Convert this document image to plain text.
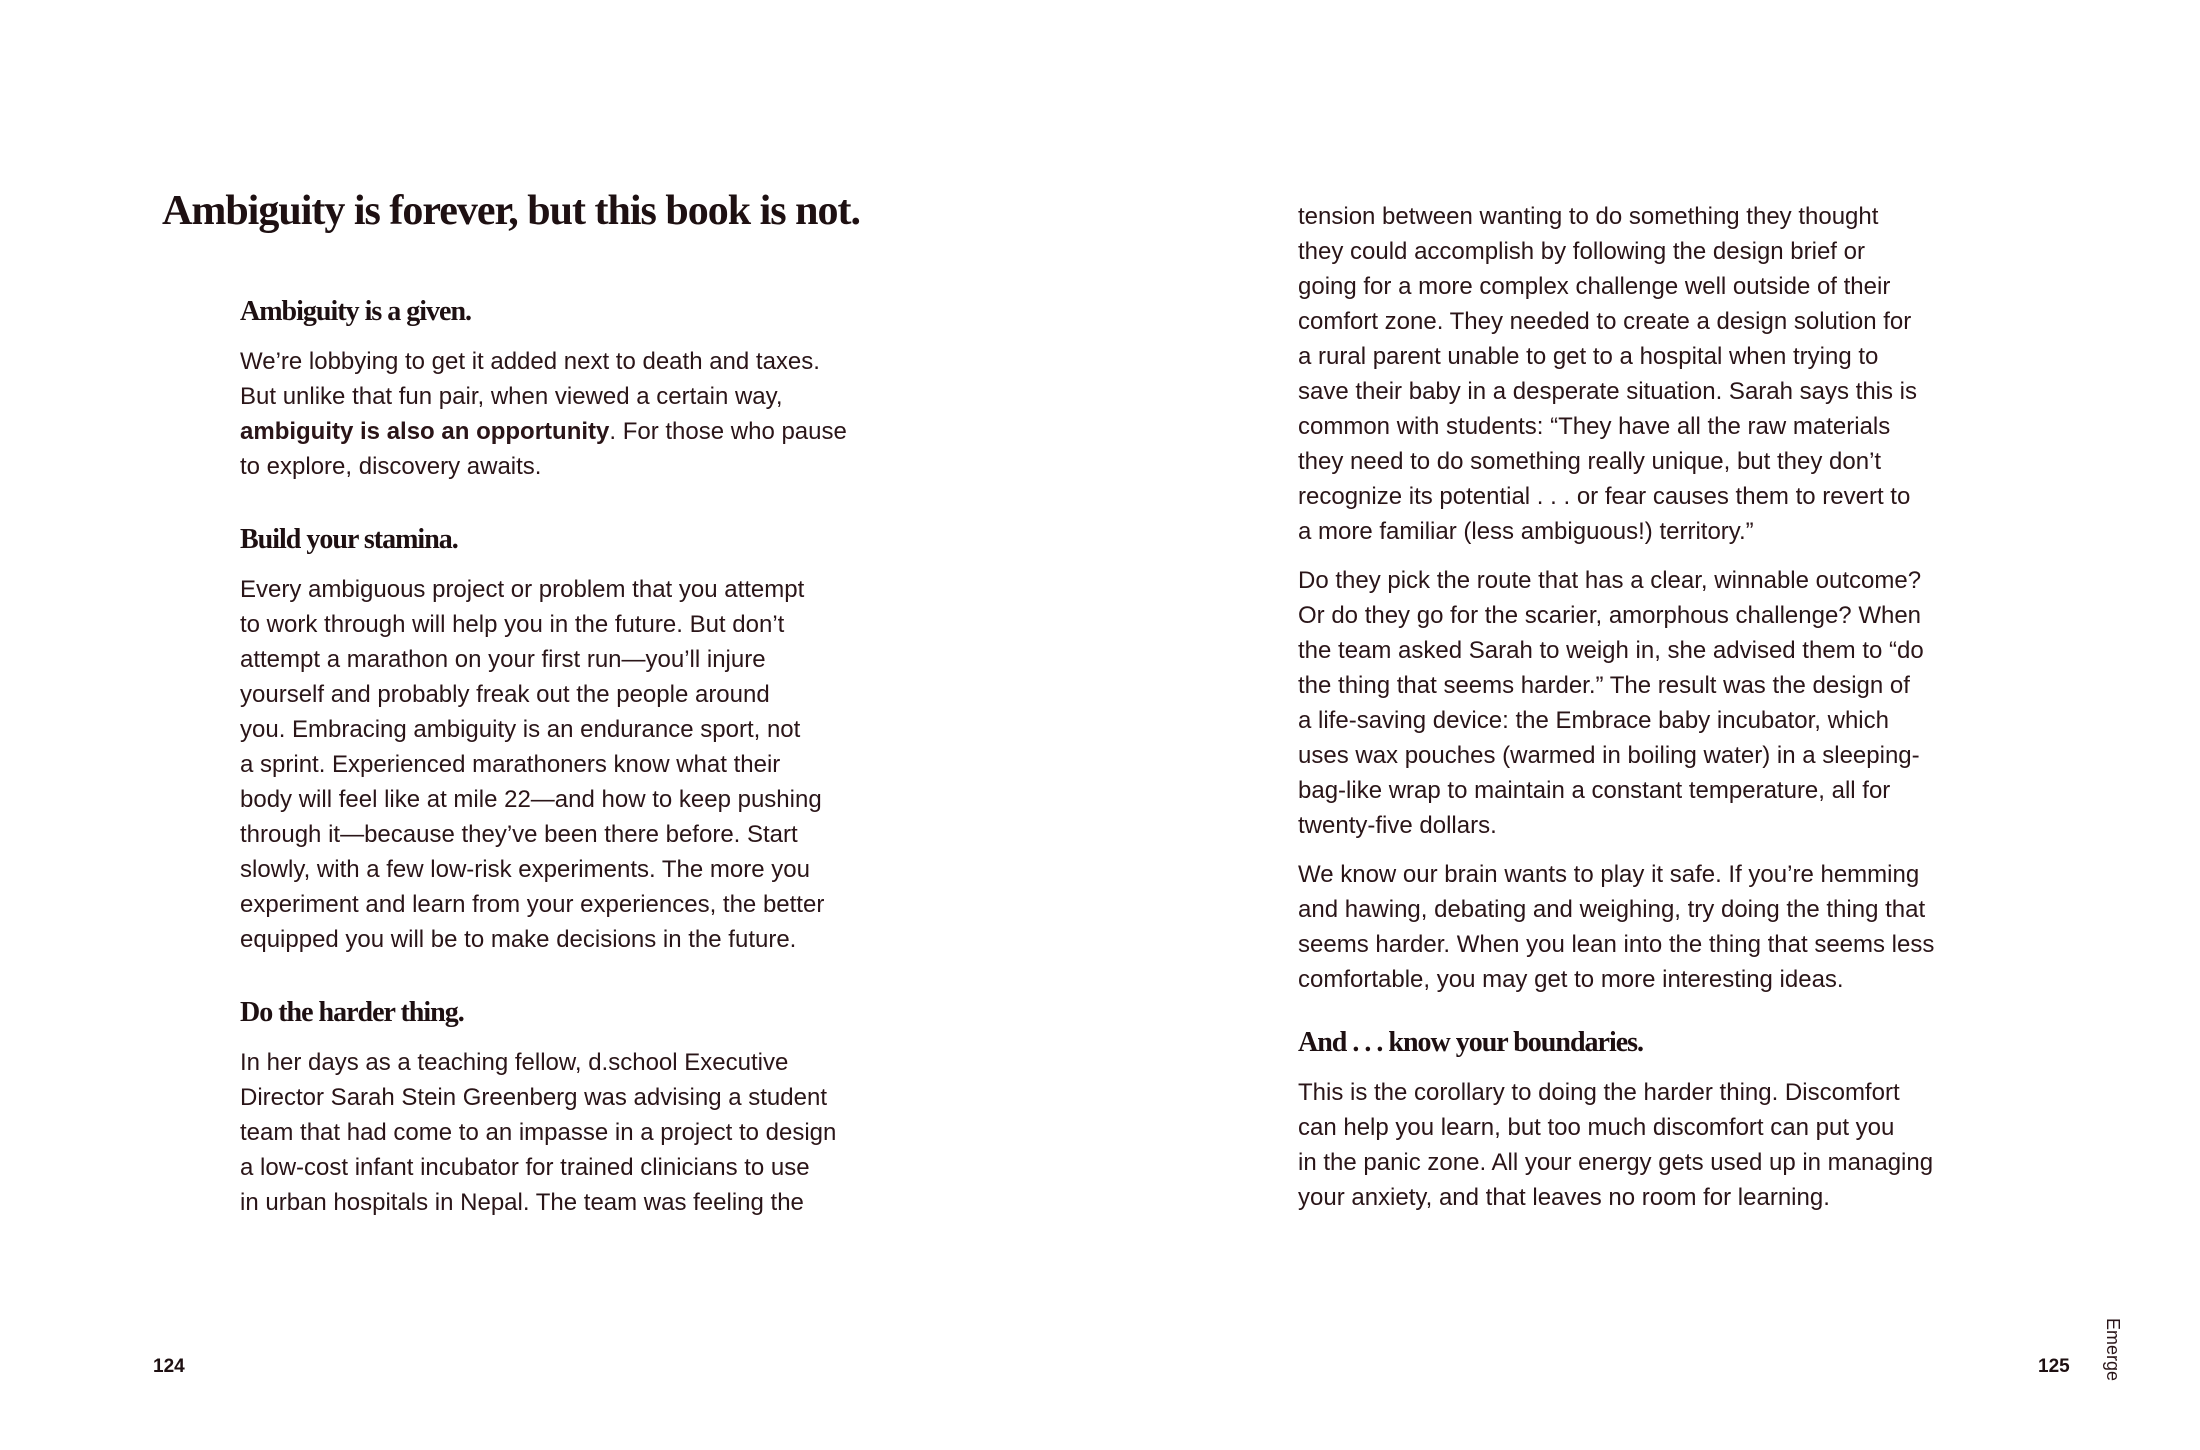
Ambiguity is forever, but this book is not.
Ambiguity is a given.

We’re lobbying to get it added next to death and taxes.
But unlike that fun pair, when viewed a certain way,
ambiguity is also an opportunity. For those who pause
to explore, discovery awaits.

Build your stamina.

Every ambiguous project or problem that you attempt
to work through will help you in the future. But don’t
attempt a marathon on your first run—you’ll injure
yourself and probably freak out the people around
you. Embracing ambiguity is an endurance sport, not
a sprint. Experienced marathoners know what their
body will feel like at mile 22—and how to keep pushing
through it—because they’ve been there before. Start
slowly, with a few low-risk experiments. The more you
experiment and learn from your experiences, the better
equipped you will be to make decisions in the future.

Do the harder thing.

In her days as a teaching fellow, d.school Executive
Director Sarah Stein Greenberg was advising a student
team that had come to an impasse in a project to design
a low-cost infant incubator for trained clinicians to use
in urban hospitals in Nepal. The team was feeling the

124

tension between wanting to do something they thought
they could accomplish by following the design brief or
going for a more complex challenge well outside of their
comfort zone. They needed to create a design solution for
a rural parent unable to get to a hospital when trying to
save their baby in a desperate situation. Sarah says this is
common with students: “They have all the raw materials
they need to do something really unique, but they don’t
recognize its potential . . . or fear causes them to revert to
a more familiar (less ambiguous!) territory.”

Do they pick the route that has a clear, winnable outcome?
Or do they go for the scarier, amorphous challenge? When
the team asked Sarah to weigh in, she advised them to “do
the thing that seems harder.” The result was the design of
a life-saving device: the Embrace baby incubator, which
uses wax pouches (warmed in boiling water) in a sleeping-
bag-like wrap to maintain a constant temperature, all for
twenty-five dollars.

We know our brain wants to play it safe. If you’re hemming
and hawing, debating and weighing, try doing the thing that
seems harder. When you lean into the thing that seems less
comfortable, you may get to more interesting ideas.

And . . . know your boundaries.

This is the corollary to doing the harder thing. Discomfort
can help you learn, but too much discomfort can put you
in the panic zone. All your energy gets used up in managing
your anxiety, and that leaves no room for learning.

125 Emerge
